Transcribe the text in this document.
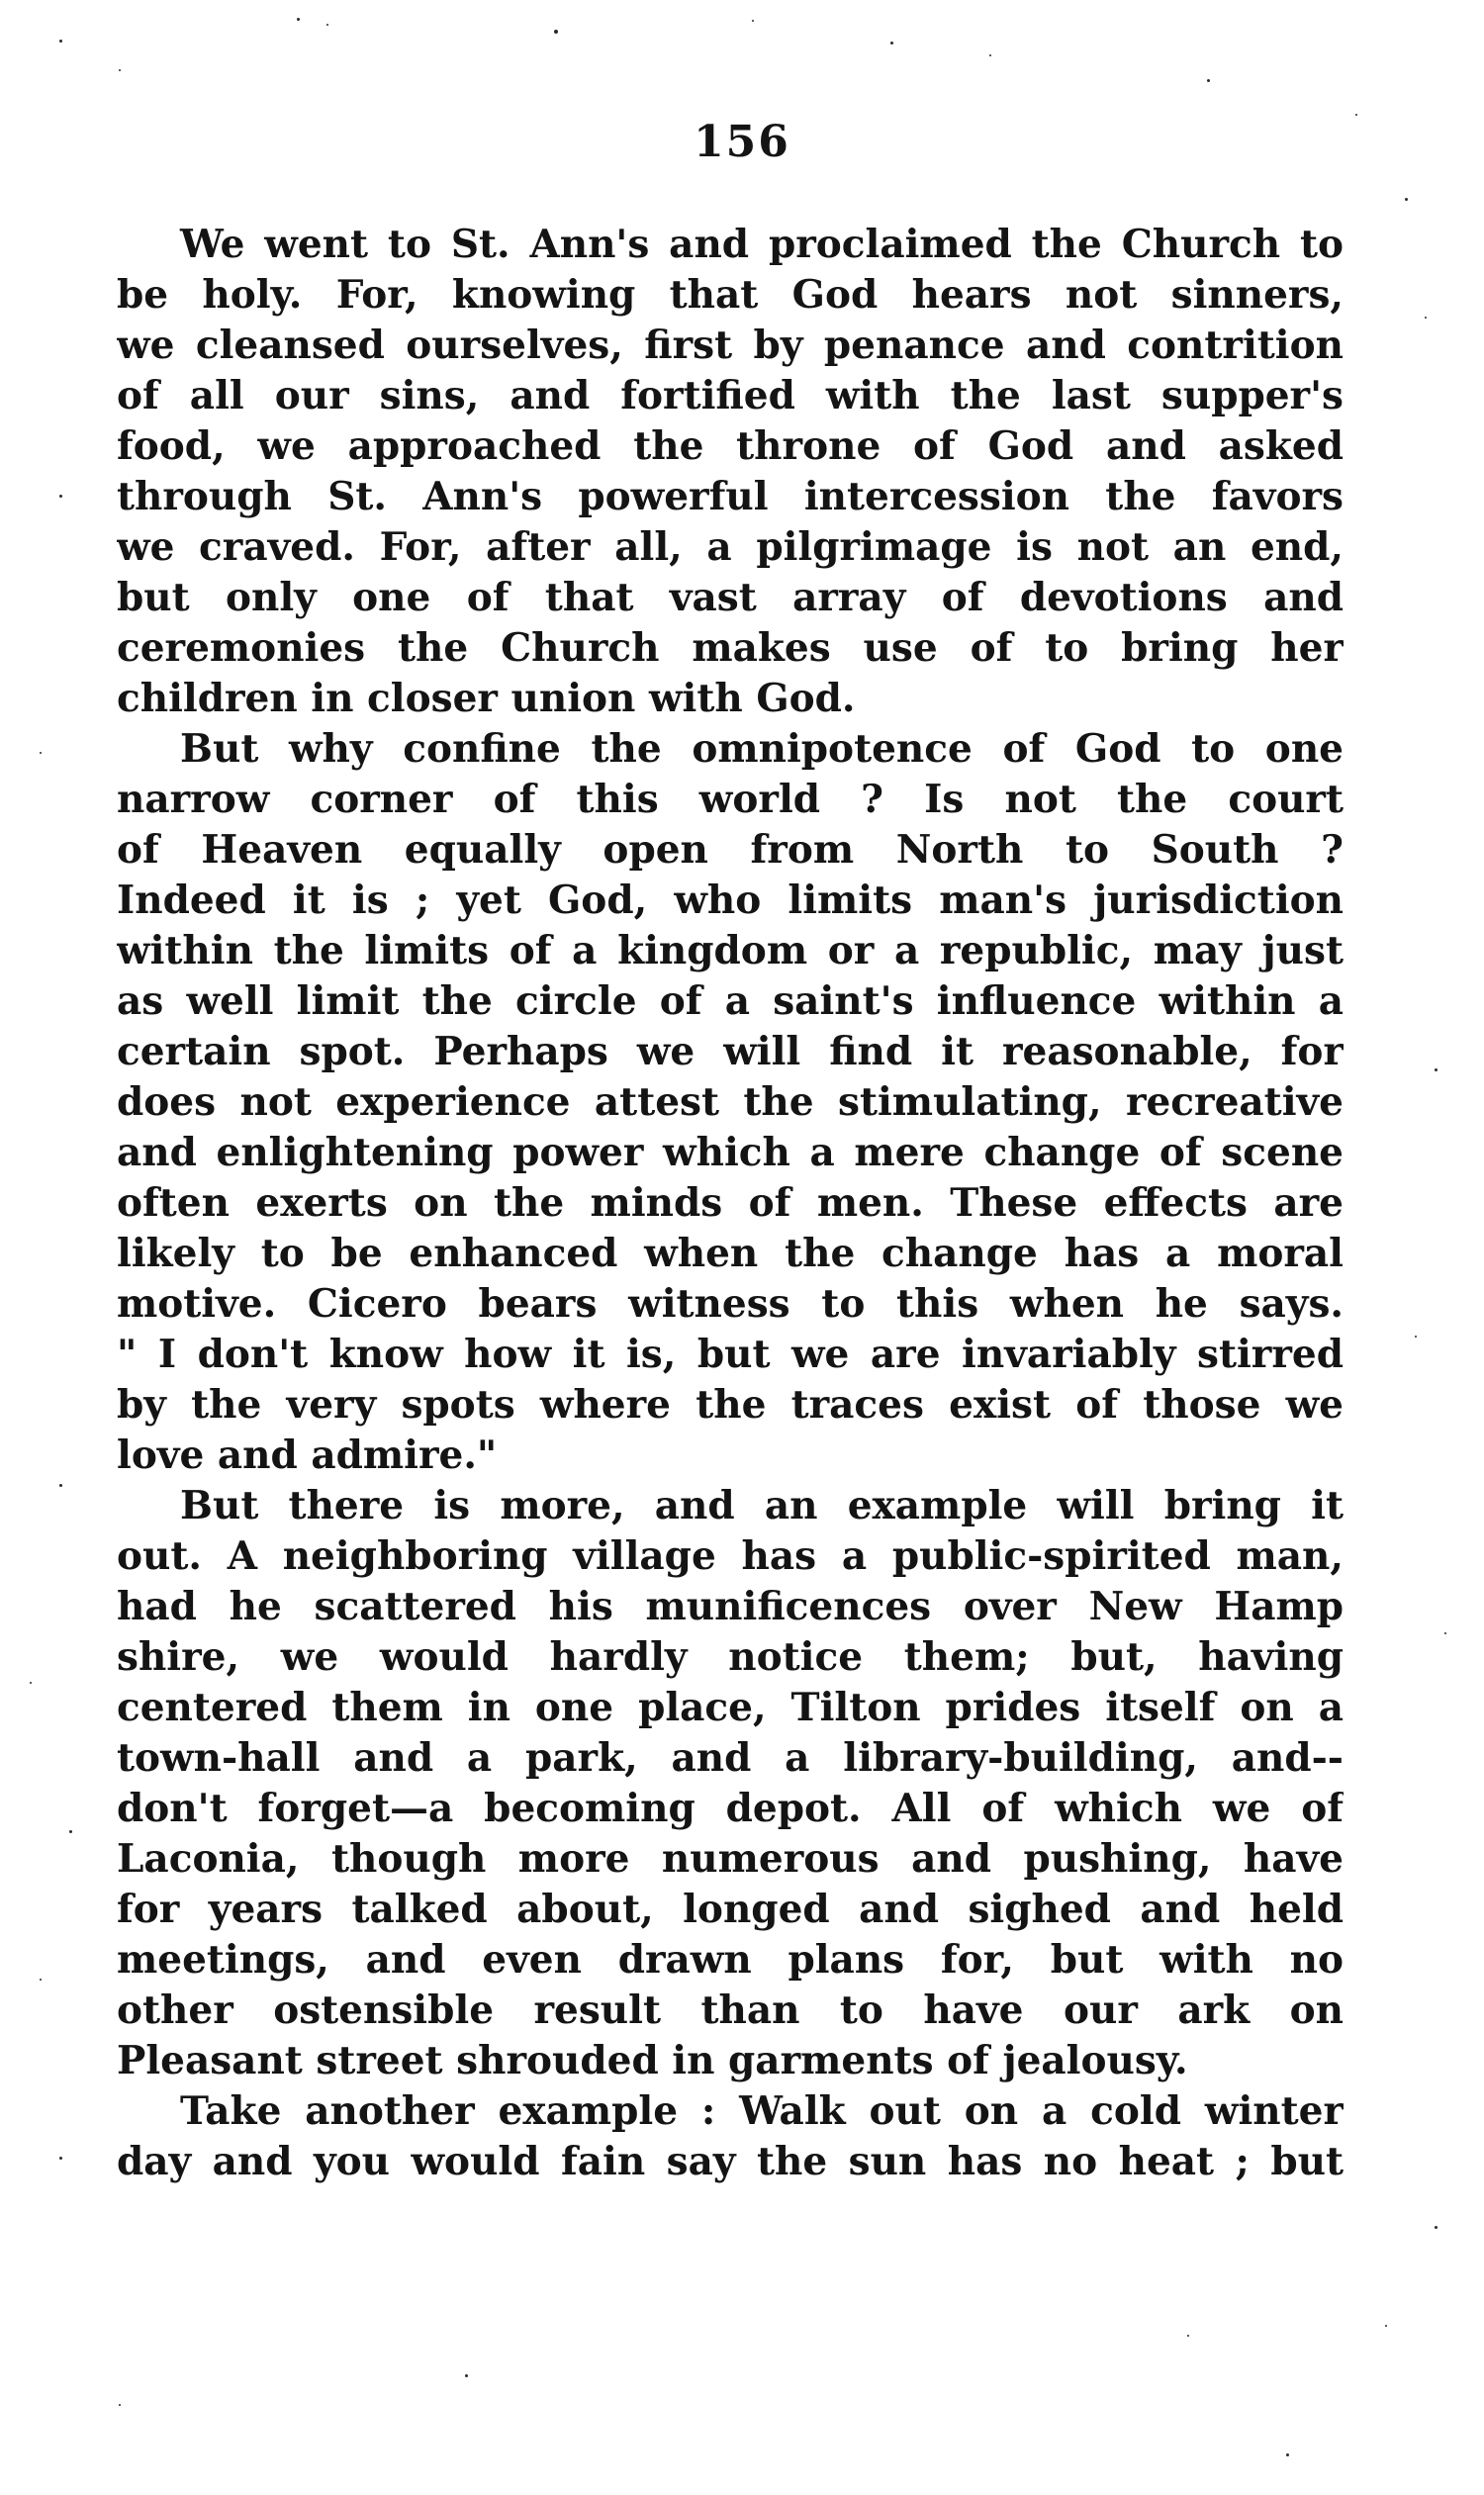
156
We went to St. Ann's and proclaimed the Church to
be holy. For, knowing that God hears not sinners,
we cleansed ourselves, first by penance and contrition
of all our sins, and fortified with the last supper's
food, we approached the throne of God and asked
through St. Ann's powerful intercession the favors
we craved. For, after all, a pilgrimage is not an end,
but only one of that vast array of devotions and
ceremonies the Church makes use of to bring her
children in closer union with God.
But why confine the omnipotence of God to one
narrow corner of this world ? Is not the court
of Heaven equally open from North to South ?
Indeed it is ; yet God, who limits man's jurisdiction
within the limits of a kingdom or a republic, may just
as well limit the circle of a saint's influence within a
certain spot. Perhaps we will find it reasonable, for
does not experience attest the stimulating, recreative
and enlightening power which a mere change of scene
often exerts on the minds of men. These effects are
likely to be enhanced when the change has a moral
motive. Cicero bears witness to this when he says.
" I don't know how it is, but we are invariably stirred
by the very spots where the traces exist of those we
love and admire."
But there is more, and an example will bring it
out. A neighboring village has a public-spirited man,
had he scattered his munificences over New Hamp
shire, we would hardly notice them; but, having
centered them in one place, Tilton prides itself on a
town-hall and a park, and a library-building, and--
don't forget—a becoming depot. All of which we of
Laconia, though more numerous and pushing, have
for years talked about, longed and sighed and held
meetings, and even drawn plans for, but with no
other ostensible result than to have our ark on
Pleasant street shrouded in garments of jealousy.
Take another example : Walk out on a cold winter
day and you would fain say the sun has no heat ; but
